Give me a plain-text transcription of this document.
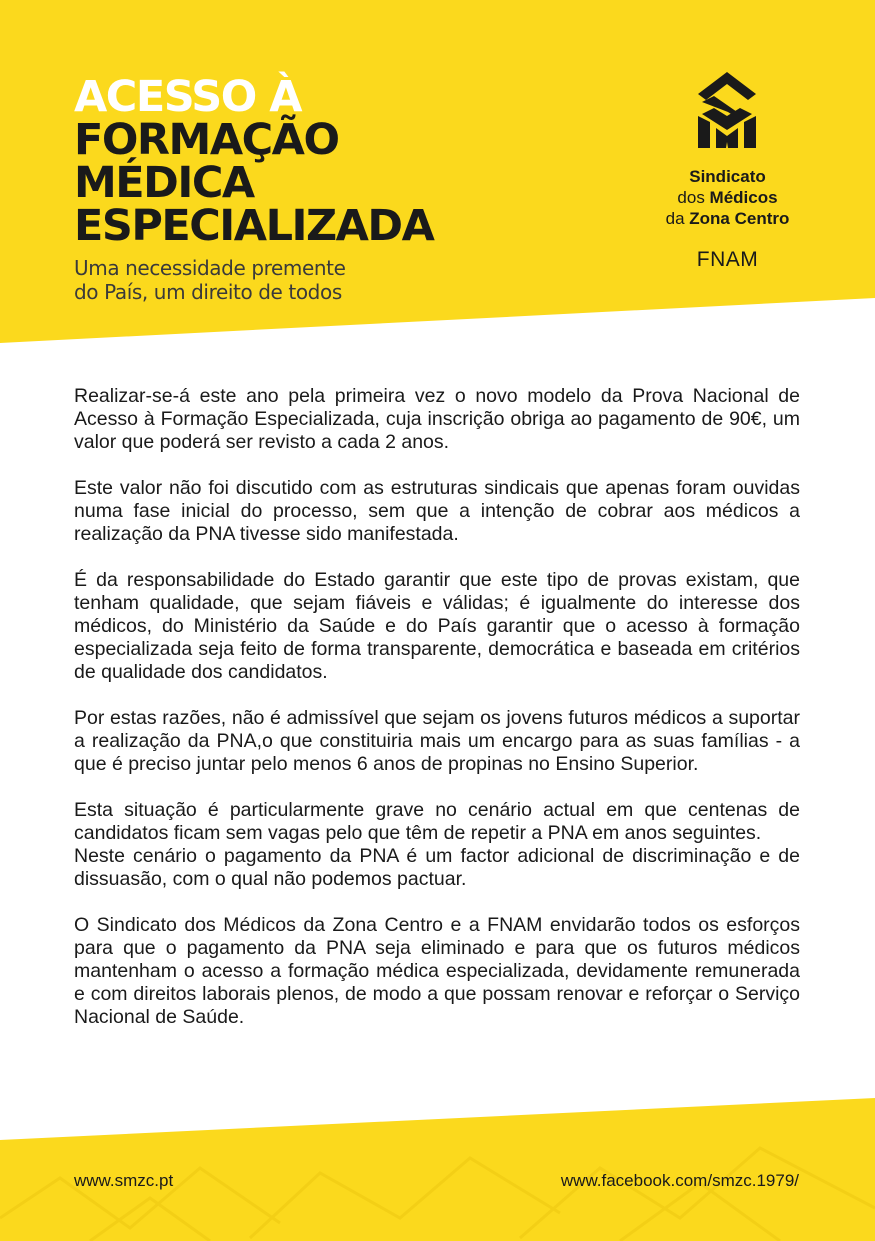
ACESSO À
FORMAÇÃO
MÉDICA
ESPECIALIZADA
Uma necessidade premente
do País, um direito de todos
Sindicato
dos Médicos
da Zona Centro
FNAM

Realizar-se-á este ano pela primeira vez o novo modelo da Prova Nacional de Acesso à Formação Especializada, cuja inscrição obriga ao pagamento de 90€, um valor que poderá ser revisto a cada 2 anos.

Este valor não foi discutido com as estruturas sindicais que apenas foram ouvidas numa fase inicial do processo, sem que a intenção de cobrar aos médicos a realização da PNA tivesse sido manifestada.

É da responsabilidade do Estado garantir que este tipo de provas existam, que tenham qualidade, que sejam fiáveis e válidas; é igualmente do interesse dos médicos, do Ministério da Saúde e do País garantir que o acesso à formação especializada seja feito de forma transparente, democrática e baseada em critérios de qualidade dos candidatos.

Por estas razões, não é admissível que sejam os jovens futuros médicos a suportar a realização da PNA,o que constituiria mais um encargo para as suas famílias - a que é preciso juntar pelo menos 6 anos de propinas no Ensino Superior.

Esta situação é particularmente grave no cenário actual em que centenas de candidatos ficam sem vagas pelo que têm de repetir a PNA em anos seguintes.

Neste cenário o pagamento da PNA é um factor adicional de discriminação e de dissuasão, com o qual não podemos pactuar.

O Sindicato dos Médicos da Zona Centro e a FNAM envidarão todos os esforços para que o pagamento da PNA seja eliminado e para que os futuros médicos mantenham o acesso a formação médica especializada, devidamente remunerada e com direitos laborais plenos, de modo a que possam renovar e reforçar o Serviço Nacional de Saúde.

www.smzc.pt	www.facebook.com/smzc.1979/
